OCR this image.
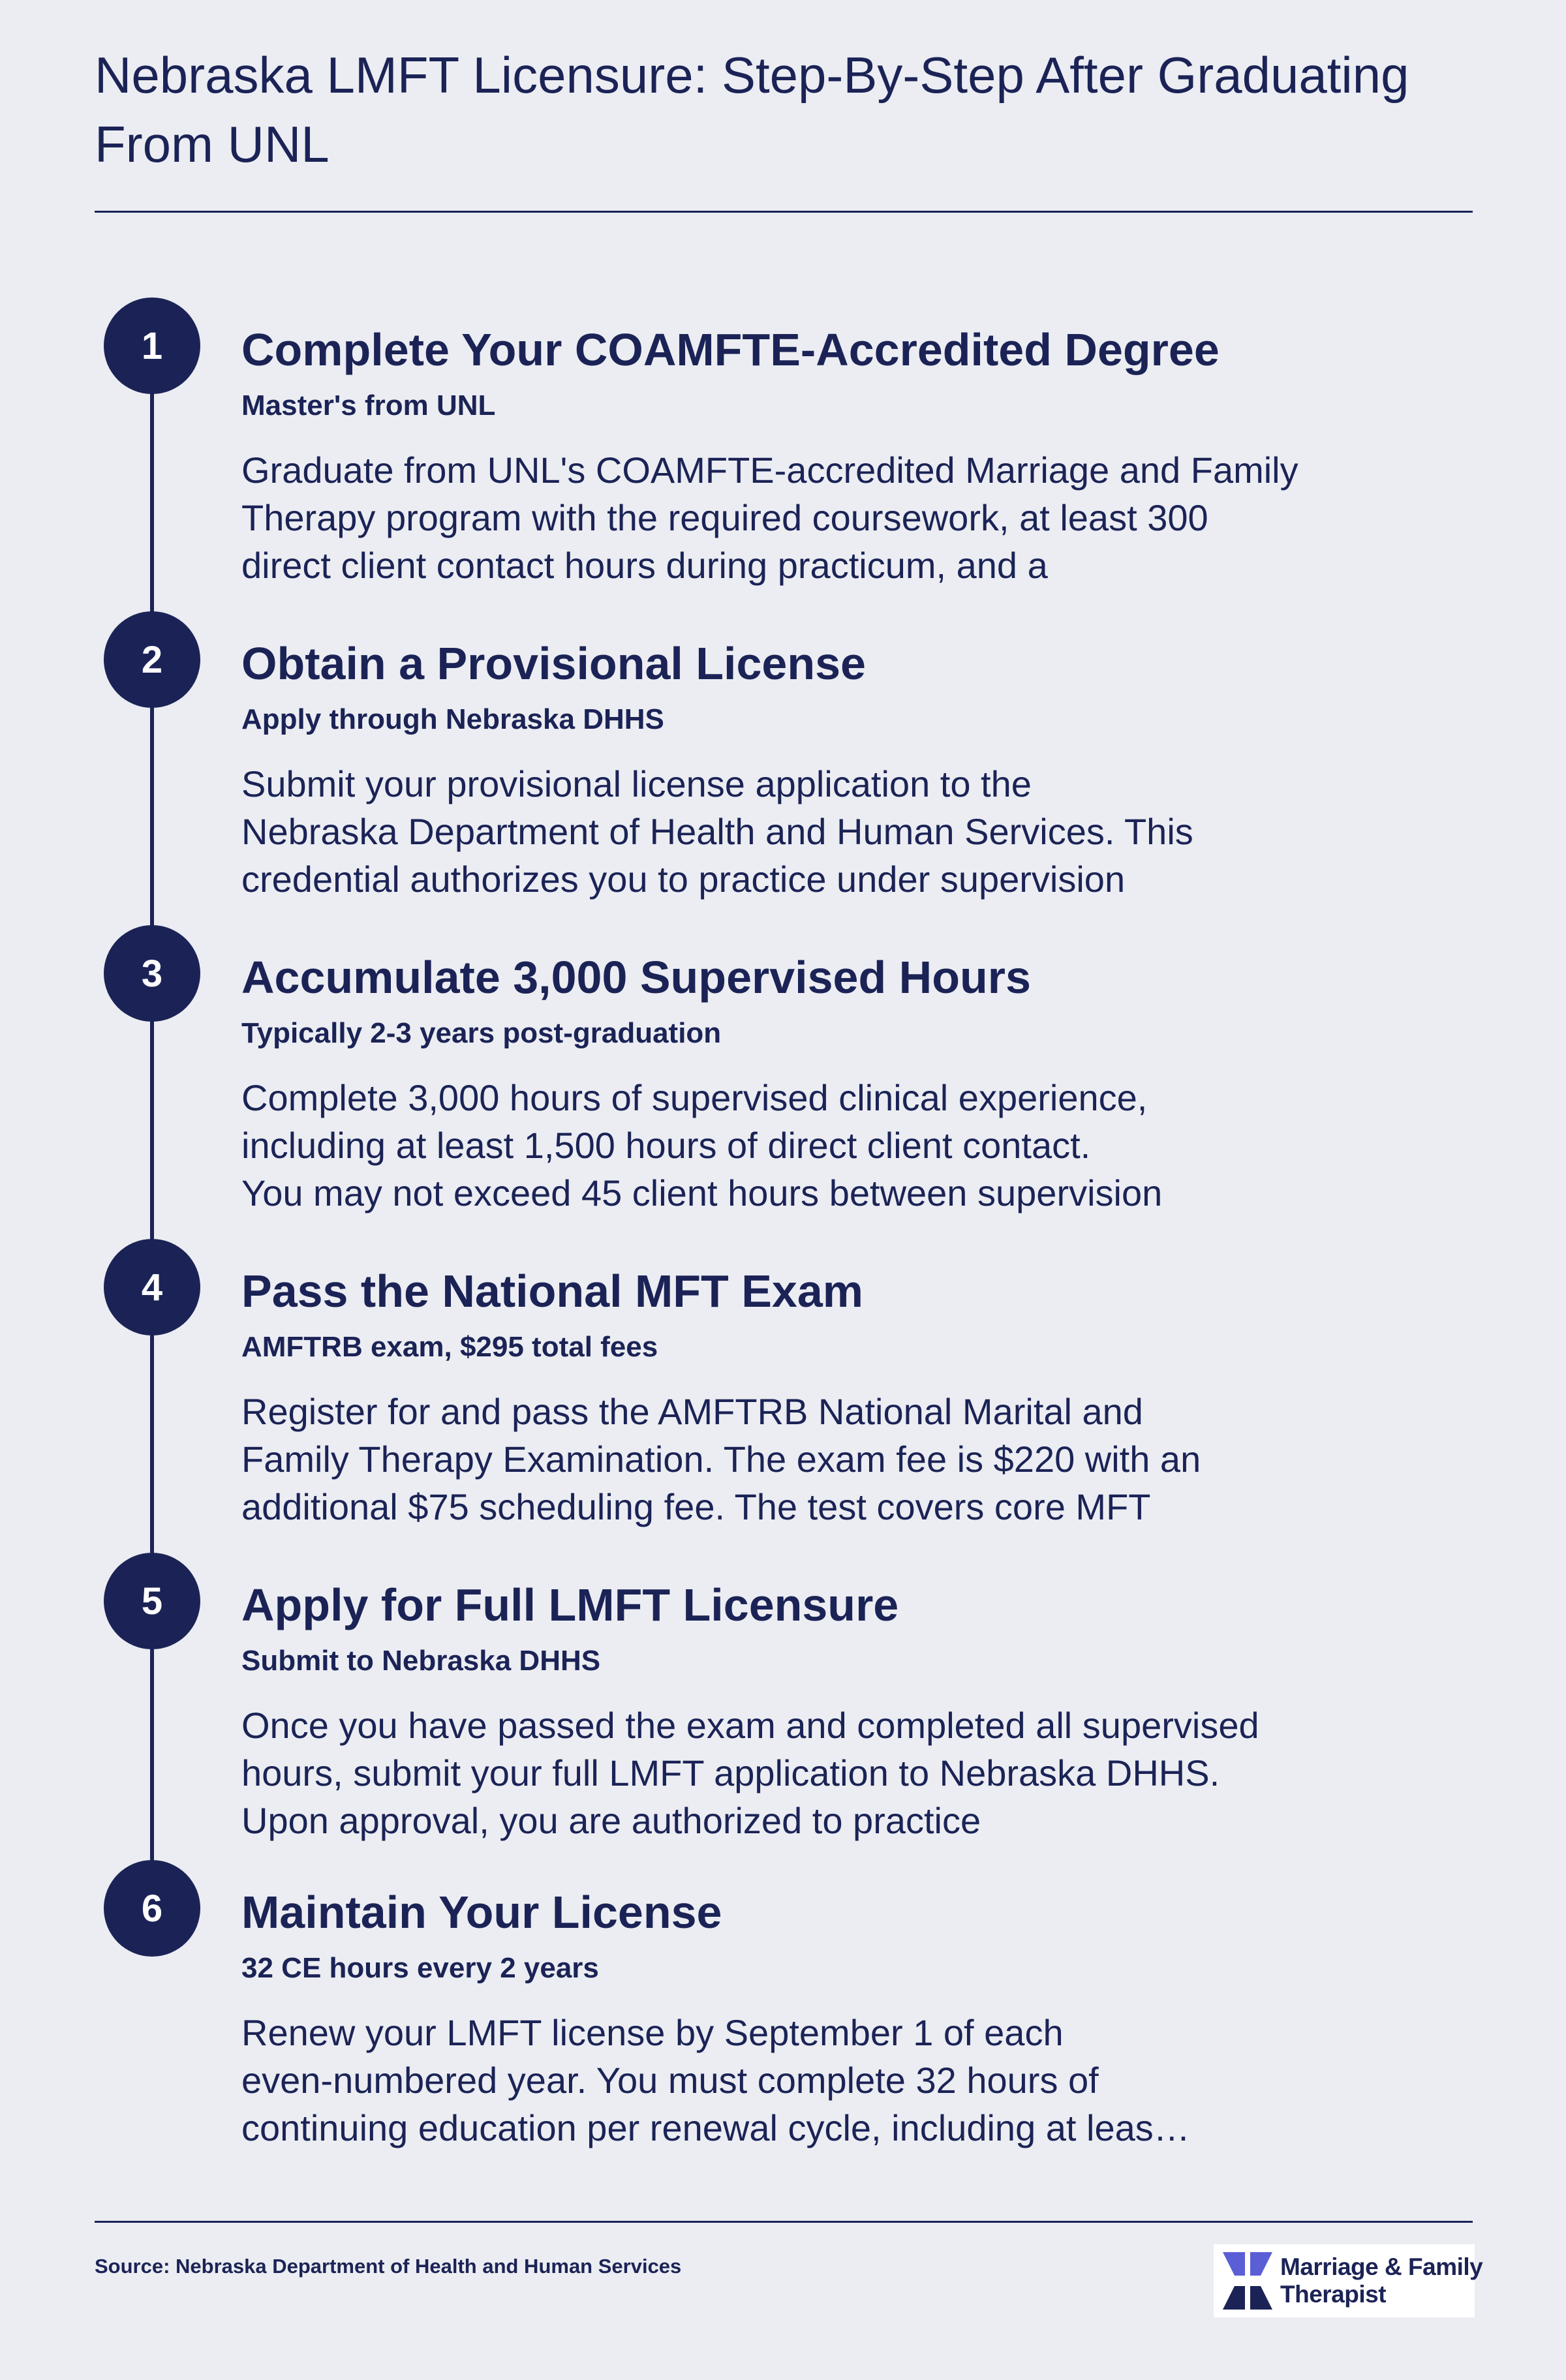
Nebraska LMFT Licensure: Step-By-Step After Graduating From UNL
1	Complete Your COAMFTE-Accredited Degree
Master's from UNL
Graduate from UNL's COAMFTE-accredited Marriage and Family
Therapy program with the required coursework, at least 300
direct client contact hours during practicum, and a
2	Obtain a Provisional License
Apply through Nebraska DHHS
Submit your provisional license application to the
Nebraska Department of Health and Human Services. This
credential authorizes you to practice under supervision
3	Accumulate 3,000 Supervised Hours
Typically 2-3 years post-graduation
Complete 3,000 hours of supervised clinical experience,
including at least 1,500 hours of direct client contact.
You may not exceed 45 client hours between supervision
4	Pass the National MFT Exam
AMFTRB exam, $295 total fees
Register for and pass the AMFTRB National Marital and
Family Therapy Examination. The exam fee is $220 with an
additional $75 scheduling fee. The test covers core MFT
5	Apply for Full LMFT Licensure
Submit to Nebraska DHHS
Once you have passed the exam and completed all supervised
hours, submit your full LMFT application to Nebraska DHHS.
Upon approval, you are authorized to practice
6	Maintain Your License
32 CE hours every 2 years
Renew your LMFT license by September 1 of each
even-numbered year. You must complete 32 hours of
continuing education per renewal cycle, including at leas…
Source: Nebraska Department of Health and Human Services	Marriage & Family
Therapist
